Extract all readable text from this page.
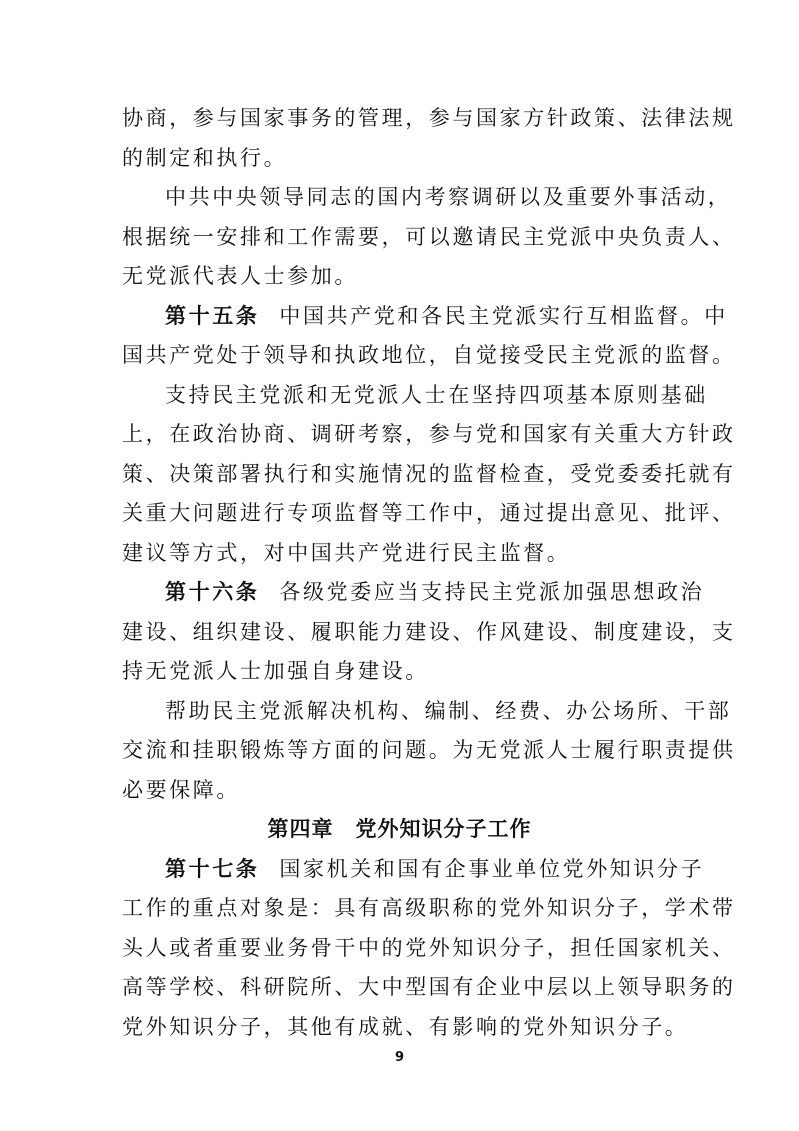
协商，参与国家事务的管理，参与国家方针政策、法律法规
的制定和执行。
中共中央领导同志的国内考察调研以及重要外事活动，
根据统一安排和工作需要，可以邀请民主党派中央负责人、
无党派代表人士参加。
第十五条 中国共产党和各民主党派实行互相监督。中
国共产党处于领导和执政地位，自觉接受民主党派的监督。
支持民主党派和无党派人士在坚持四项基本原则基础
上，在政治协商、调研考察，参与党和国家有关重大方针政
策、决策部署执行和实施情况的监督检查，受党委委托就有
关重大问题进行专项监督等工作中，通过提出意见、批评、
建议等方式，对中国共产党进行民主监督。
第十六条 各级党委应当支持民主党派加强思想政治
建设、组织建设、履职能力建设、作风建设、制度建设，支
持无党派人士加强自身建设。
帮助民主党派解决机构、编制、经费、办公场所、干部
交流和挂职锻炼等方面的问题。为无党派人士履行职责提供
必要保障。
第四章　党外知识分子工作
第十七条 国家机关和国有企事业单位党外知识分子
工作的重点对象是：具有高级职称的党外知识分子，学术带
头人或者重要业务骨干中的党外知识分子，担任国家机关、
9
高等学校、科研院所、大中型国有企业中层以上领导职务的
党外知识分子，其他有成就、有影响的党外知识分子。
